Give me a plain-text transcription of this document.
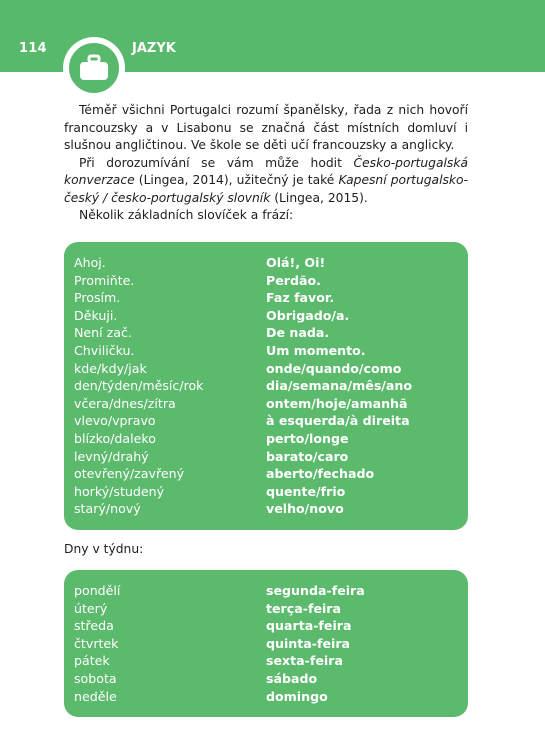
114	JAZYK

Téměř všichni Portugalci rozumí španělsky, řada z nich hovoří francouzsky a v Lisabonu se značná část místních domluví i slušnou angličtinou. Ve škole se děti učí francouzsky a anglicky.

Při dorozumívání se vám může hodit Česko-portugalská konverzace (Lingea, 2014), užitečný je také Kapesní portugalsko-český / česko-portugalský slovník (Lingea, 2015).

Několik základních slovíček a frází:

Ahoj.	Olá!, Oi!
Promiňte.	Perdão.
Prosím.	Faz favor.
Děkuji.	Obrigado/a.
Není zač.	De nada.
Chviličku.	Um momento.
kde/kdy/jak	onde/quando/como
den/týden/měsíc/rok	dia/semana/mês/ano
včera/dnes/zítra	ontem/hoje/amanhã
vlevo/vpravo	à esquerda/à direita
blízko/daleko	perto/longe
levný/drahý	barato/caro
otevřený/zavřený	aberto/fechado
horký/studený	quente/frio
starý/nový	velho/novo
Dny v týdnu:
pondělí	segunda-feira
úterý	terça-feira
středa	quarta-feira
čtvrtek	quinta-feira
pátek	sexta-feira
sobota	sábado
neděle	domingo
